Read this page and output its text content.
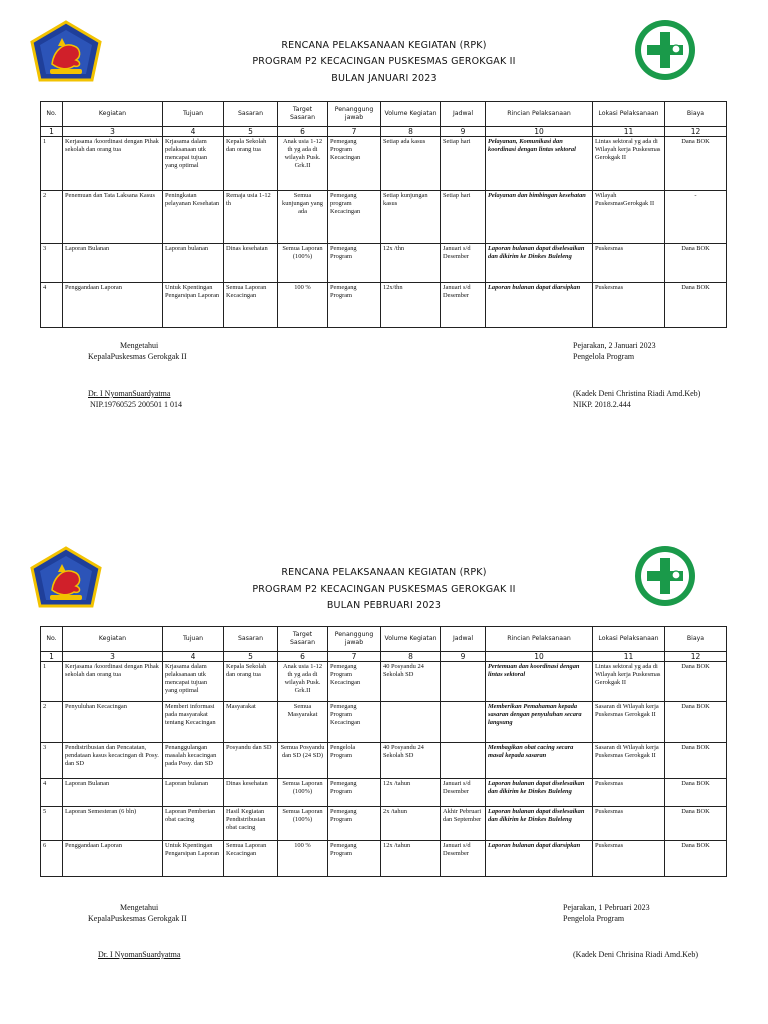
RENCANA PELAKSANAAN KEGIATAN (RPK)
PROGRAM P2 KECACINGAN PUSKESMAS GEROKGAK II
BULAN JANUARI 2023
No.	Kegiatan	Tujuan	Sasaran	Target Sasaran	Penanggung jawab	Volume Kegiatan	Jadwal	Rincian Pelaksanaan	Lokasi Pelaksanaan	Biaya
1	3	4	5	6	7	8	9	10	11	12
1	Kerjasama /koordinasi dengan Pihak sekolah dan orang tua	Krjasama dalam pelaksanaan utk mencapai tujuan yang optimal	Kepala Sekolah dan orang tua	Anak usia 1-12 th yg ada di wilayah Pusk. Grk.II	Pemegang Program Kecacingan	Setiap ada kasus	Setiap hari	Pelayanan, Komunikasi dan koordinasi dengan lintas sektoral	Lintas sektoral yg ada di Wilayah kerja Puskesmas Gerokgak II	Dana BOK
2	Penemuan dan Tata Laksana Kasus	Peningkatan pelayanan Kesehatan	Remaja usia 1-12 th	Semua kunjungan yang ada	Pemegang program Kecacingan	Setiap kunjungan kasus	Setiap hari	Pelayanan dan bimbingan kesehatan	Wilayah PuskesmasGerokgak II	-
3	Laporan Bulanan	Laporan bulanan	Dinas kesehatan	Semua Laporan (100%)	Pemegang Program	12x /thn	Januari s/d Desember	Laporan bulanan dapat diselesaikan dan dikirim ke Dinkes Buleleng	Puskesmas	Dana BOK
4	Penggandaan Laporan	Untuk Kpentingan Pengarsipan Laporan	Semua Laporan Kecacingan	100 %	Pemegang Program	12x/thn	Januari s/d Desember	Laporan bulanan dapat diarsipkan	Puskesmas	Dana BOK
Mengetahui
KepalaPuskesmas Gerokgak II
Dr. I NyomanSuardyatma
NIP.19760525 200501 1 014
Pejarakan, 2 Januari 2023
Pengelola Program
(Kadek Deni Christina Riadi Amd.Keb)
NIKP. 2018.2.444
RENCANA PELAKSANAAN KEGIATAN (RPK)
PROGRAM P2 KECACINGAN PUSKESMAS GEROKGAK II
BULAN PEBRUARI 2023
No.	Kegiatan	Tujuan	Sasaran	Target Sasaran	Penanggung jawab	Volume Kegiatan	Jadwal	Rincian Pelaksanaan	Lokasi Pelaksanaan	Biaya
1	3	4	5	6	7	8	9	10	11	12
1	Kerjasama /koordinasi dengan Pihak sekolah dan orang tua	Krjasama dalam pelaksanaan utk mencapai tujuan yang optimal	Kepala Sekolah dan orang tua	Anak usia 1-12 th yg ada di wilayah Pusk. Grk.II	Pemegang Program Kecacingan	40 Posyandu 24 Sekolah SD		Pertemuan dan koordinasi dengan lintas sektoral	Lintas sektoral yg ada di Wilayah kerja Puskesmas Gerokgak II	Dana BOK
2	Penyuluhan Kecacingan	Memberi informasi pada masyarakat tentang Kecacingan	Masyarakat	Semua Masyarakat	Pemegang Program Kecacingan			Memberikan Pemahaman kepada sasaran dengan penyuluhan secara langsung	Sasaran di Wilayah kerja Puskesmas Gerokgak II	Dana BOK
3	Pendistribusian dan Pencatatan, pendataan kasus kecacingan di Posy. dan SD	Penanggulangan masalah kecacingan pada Posy. dan SD	Posyandu dan SD	Semua Posyandu dan SD (24 SD)	Pengelola Program	40 Posyandu 24 Sekolah SD		Membagikan obat cacing secara masal kepada sasaran	Sasaran di Wilayah kerja Puskesmas Gerokgak II	Dana BOK
4	Laporan Bulanan	Laporan bulanan	Dinas kesehatan	Semua Laporan (100%)	Pemegang Program	12x /tahun	Januari s/d Desember	Laporan bulanan dapat diselesaikan dan dikirim ke Dinkes Buleleng	Puskesmas	Dana BOK
5	Laporan Semesteran (6 bln)	Laporan Pemberian obat cacing	Hasil Kegiatan Pendistribusian obat cacing	Semua Laporan (100%)	Pemegang Program	2x /tahun	Akhir Pebruari dan September	Laporan bulanan dapat diselesaikan dan dikirim ke Dinkes Buleleng	Puskesmas	Dana BOK
6	Penggandaan Laporan	Untuk Kpentingan Pengarsipan Laporan	Semua Laporan Kecacingan	100 %	Pemegang Program	12x /tahun	Januari s/d Desember	Laporan bulanan dapat diarsipkan	Puskesmas	Dana BOK
Mengetahui
KepalaPuskesmas Gerokgak II
Dr. I NyomanSuardyatma
Pejarakan, 1 Pebruari 2023
Pengelola Program
(Kadek Deni Chrisina Riadi Amd.Keb)
